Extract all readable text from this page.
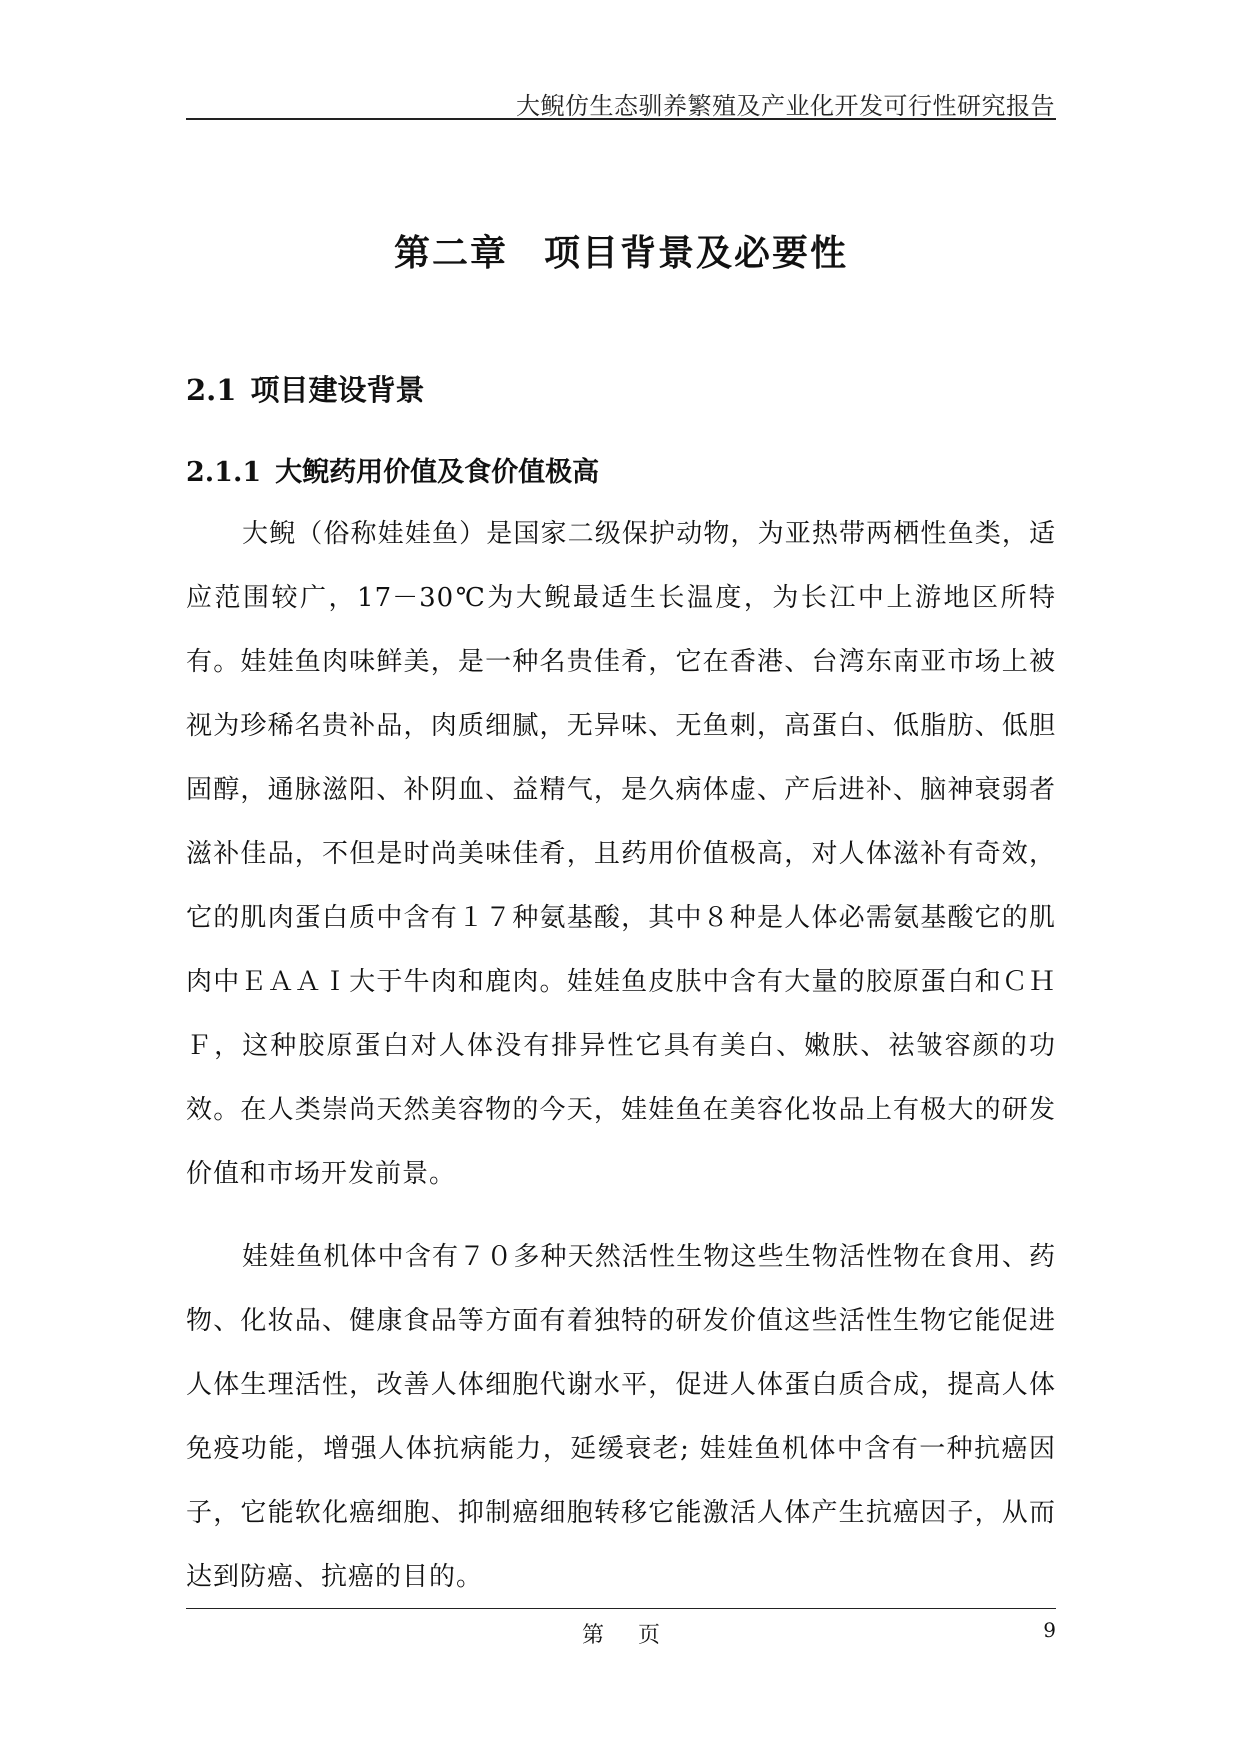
大鲵仿生态驯养繁殖及产业化开发可行性研究报告
第二章 项目背景及必要性
2.1 项目建设背景
2.1.1 大鲵药用价值及食价值极高

大鲵（俗称娃娃鱼）是国家二级保护动物，为亚热带两栖性鱼类，适应范围较广，17－30℃为大鲵最适生长温度，为长江中上游地区所特有。娃娃鱼肉味鲜美，是一种名贵佳肴，它在香港、台湾东南亚市场上被视为珍稀名贵补品，肉质细腻，无异味、无鱼刺，高蛋白、低脂肪、低胆固醇，通脉滋阳、补阴血、益精气，是久病体虚、产后进补、脑神衰弱者滋补佳品，不但是时尚美味佳肴，且药用价值极高，对人体滋补有奇效，它的肌肉蛋白质中含有１７种氨基酸，其中８种是人体必需氨基酸它的肌肉中ＥＡＡＩ大于牛肉和鹿肉。娃娃鱼皮肤中含有大量的胶原蛋白和ＣＨＦ，这种胶原蛋白对人体没有排异性它具有美白、嫩肤、祛皱容颜的功效。在人类崇尚天然美容物的今天，娃娃鱼在美容化妆品上有极大的研发价值和市场开发前景。

娃娃鱼机体中含有７０多种天然活性生物这些生物活性物在食用、药物、化妆品、健康食品等方面有着独特的研发价值这些活性生物它能促进人体生理活性，改善人体细胞代谢水平，促进人体蛋白质合成，提高人体免疫功能，增强人体抗病能力，延缓衰老; 娃娃鱼机体中含有一种抗癌因子，它能软化癌细胞、抑制癌细胞转移它能激活人体产生抗癌因子，从而达到防癌、抗癌的目的。

第 页	9
